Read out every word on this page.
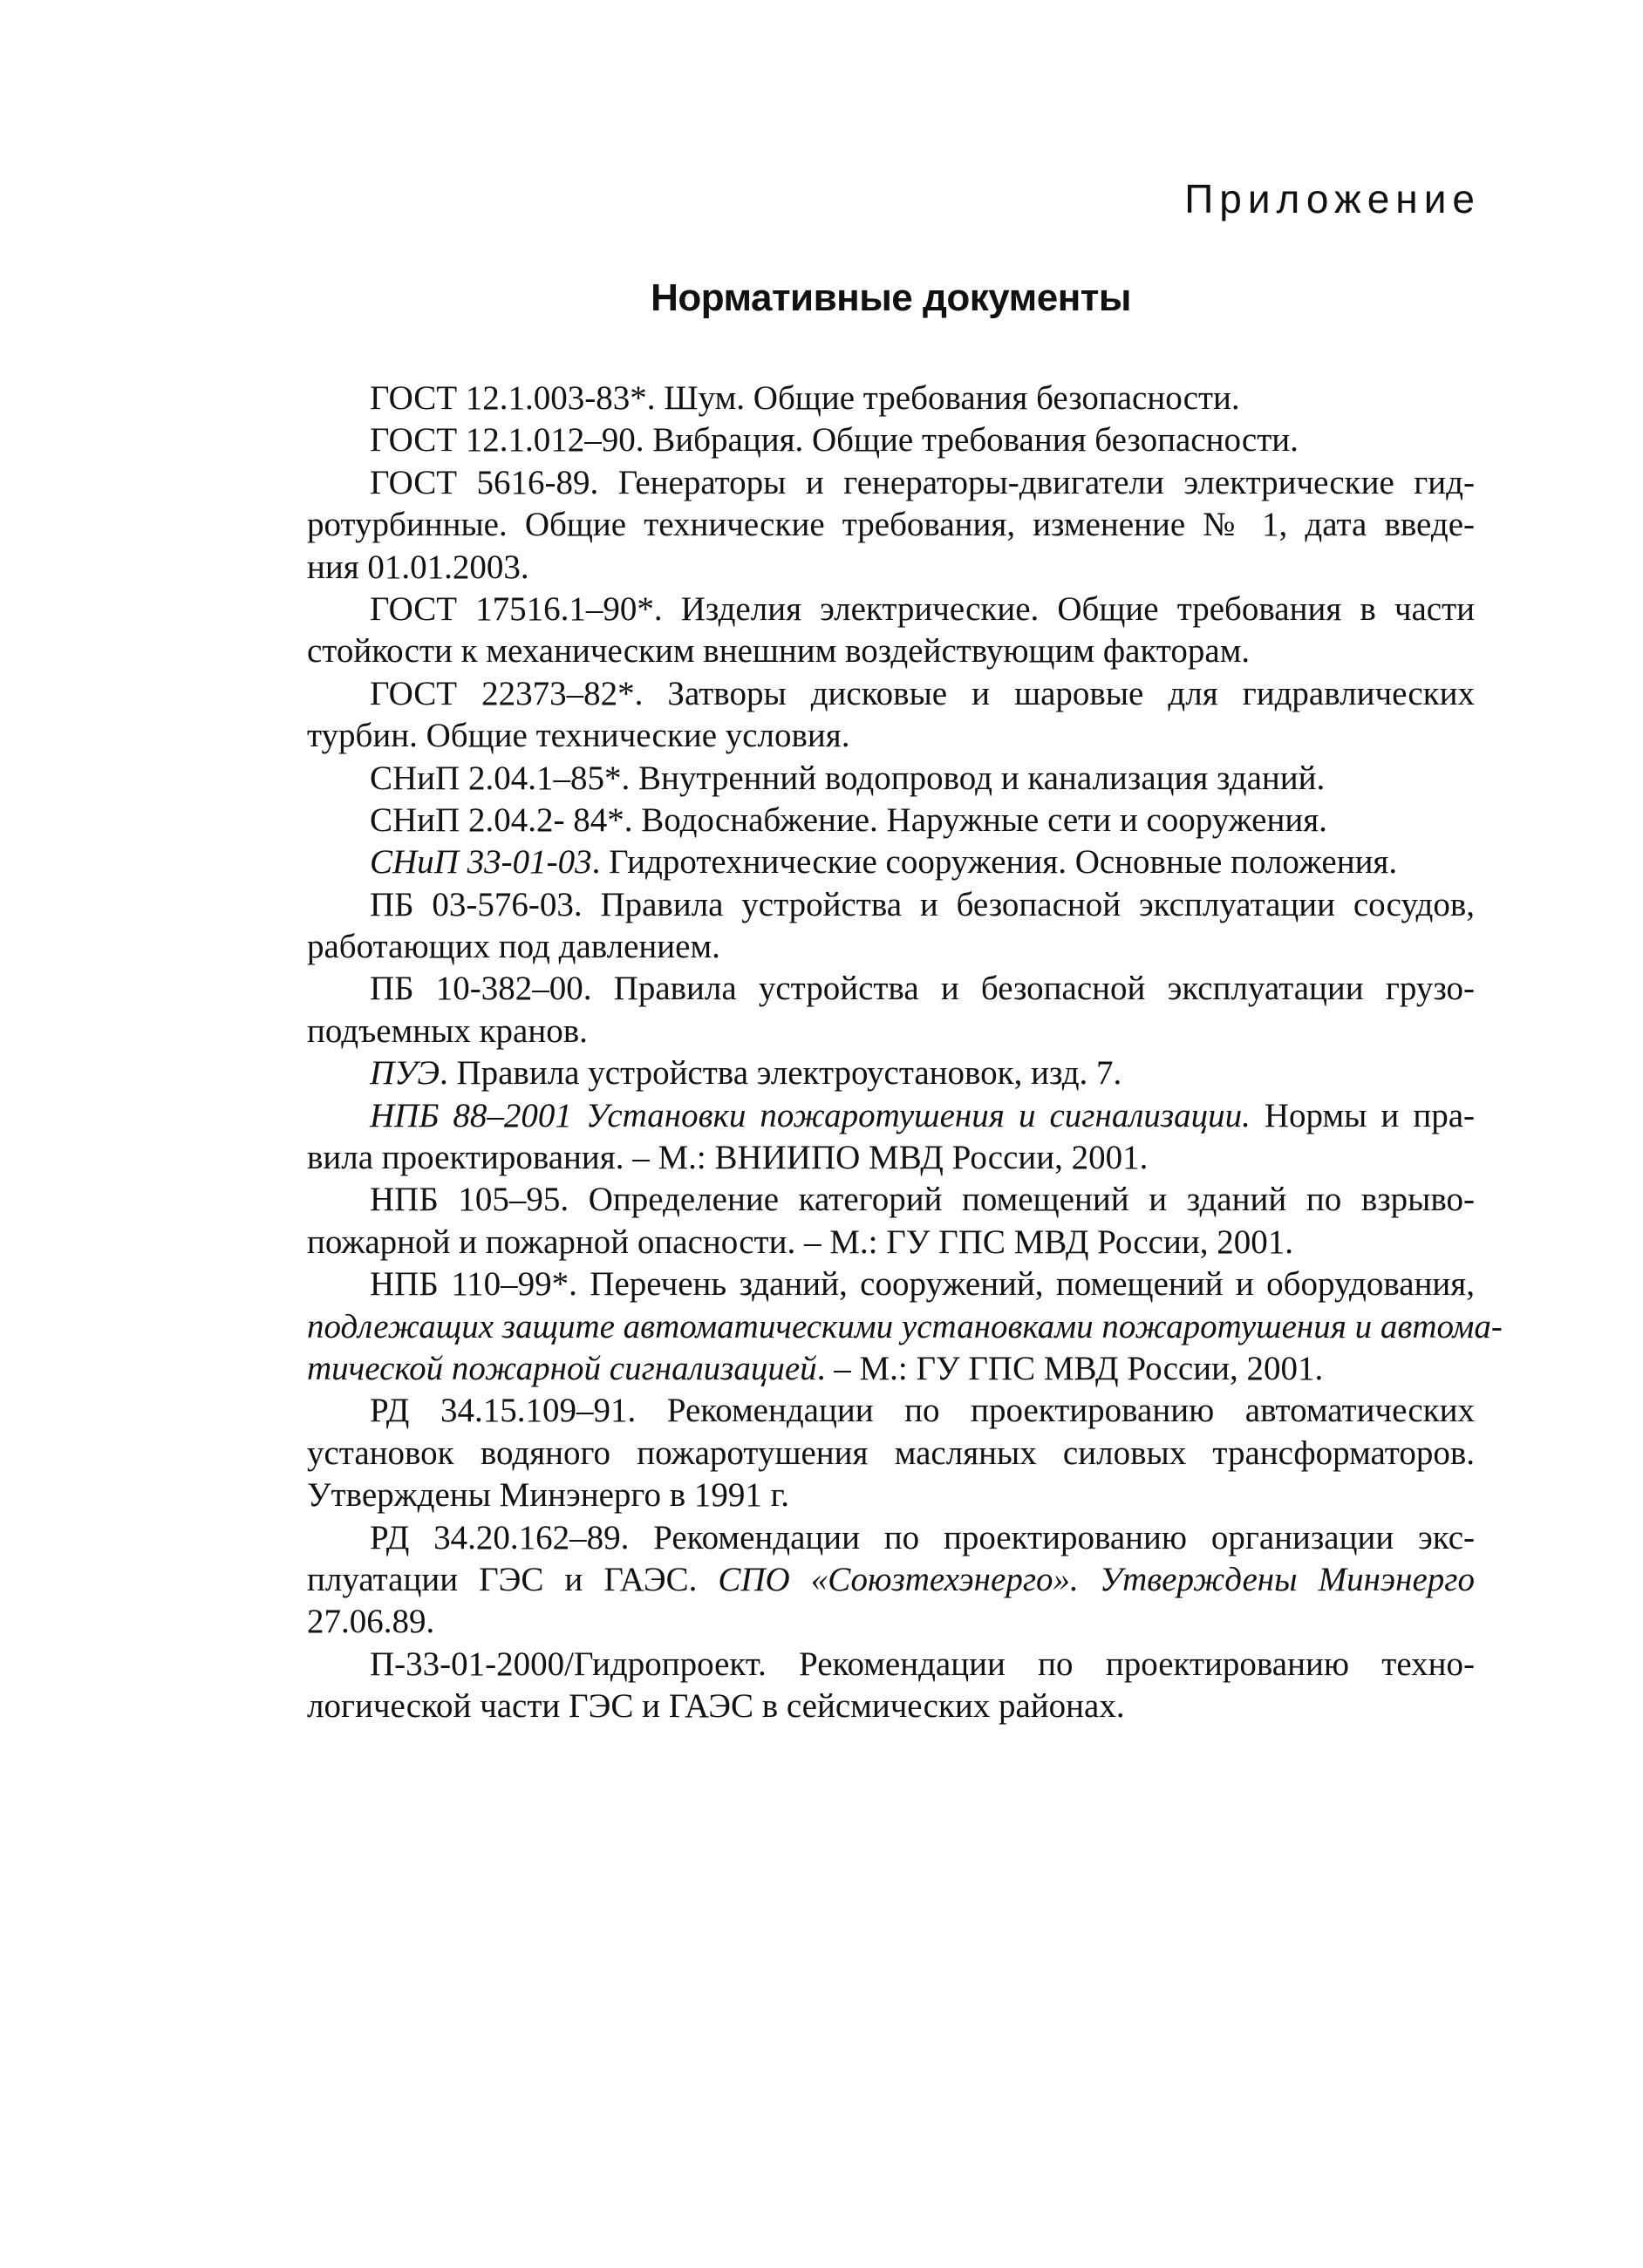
Приложение
Нормативные документы
ГОСТ 12.1.003-83*. Шум. Общие требования безопасности.
ГОСТ 12.1.012–90. Вибрация. Общие требования безопасности.
ГОСТ 5616-89. Генераторы и генераторы-двигатели электрические гид-
ротурбинные. Общие технические требования, изменение № 1, дата введе-
ния 01.01.2003.
ГОСТ 17516.1–90*. Изделия электрические. Общие требования в части
стойкости к механическим внешним воздействующим факторам.
ГОСТ 22373–82*. Затворы дисковые и шаровые для гидравлических
турбин. Общие технические условия.
СНиП 2.04.1–85*. Внутренний водопровод и канализация зданий.
СНиП 2.04.2- 84*. Водоснабжение. Наружные сети и сооружения.
СНиП 33-01-03. Гидротехнические сооружения. Основные положения.
ПБ 03-576-03. Правила устройства и безопасной эксплуатации сосудов,
работающих под давлением.
ПБ 10-382–00. Правила устройства и безопасной эксплуатации грузо-
подъемных кранов.
ПУЭ. Правила устройства электроустановок, изд. 7.
НПБ 88–2001 Установки пожаротушения и сигнализации. Нормы и пра-
вила проектирования. – М.: ВНИИПО МВД России, 2001.
НПБ 105–95. Определение категорий помещений и зданий по взрыво-
пожарной и пожарной опасности. – М.: ГУ ГПС МВД России, 2001.
НПБ 110–99*. Перечень зданий, сооружений, помещений и оборудования,
подлежащих защите автоматическими установками пожаротушения и автома-
тической пожарной сигнализацией. – М.: ГУ ГПС МВД России, 2001.
РД 34.15.109–91. Рекомендации по проектированию автоматических
установок водяного пожаротушения масляных силовых трансформаторов.
Утверждены Минэнерго в 1991 г.
РД 34.20.162–89. Рекомендации по проектированию организации экс-
плуатации ГЭС и ГАЭС. СПО «Союзтехэнерго». Утверждены Минэнерго
27.06.89.
П-33-01-2000/Гидропроект. Рекомендации по проектированию техно-
логической части ГЭС и ГАЭС в сейсмических районах.
